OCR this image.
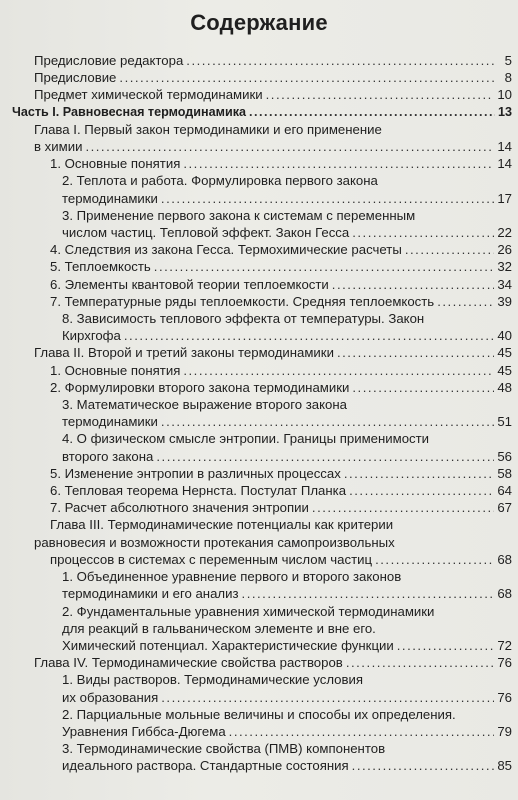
Содержание
Предисловие редактора .....	5
Предисловие .....	8
Предмет химической термодинамики .....	10
Часть I. Равновесная термодинамика .....	13
Глава I. Первый закон термодинамики и его применение
в химии .....	14
1. Основные понятия .....	14
2. Теплота и работа. Формулировка первого закона
термодинамики .....	17
3. Применение первого закона к системам с переменным
числом частиц. Тепловой эффект. Закон Гесса .....	22
4. Следствия из закона Гесса. Термохимические расчеты .....	26
5. Теплоемкость .....	32
6. Элементы квантовой теории теплоемкости .....	34
7. Температурные ряды теплоемкости. Средняя теплоемкость .....	39
8. Зависимость теплового эффекта от температуры. Закон
Кирхгофа .....	40
Глава II. Второй и третий законы термодинамики .....	45
1. Основные понятия .....	45
2. Формулировки второго закона термодинамики .....	48
3. Математическое выражение второго закона
термодинамики .....	51
4. О физическом смысле энтропии. Границы применимости
второго закона .....	56
5. Изменение энтропии в различных процессах .....	58
6. Тепловая теорема Нернста. Постулат Планка .....	64
7. Расчет абсолютного значения энтропии .....	67
Глава III. Термодинамические потенциалы как критерии
равновесия и возможности протекания самопроизвольных
процессов в системах с переменным числом частиц .....	68
1. Объединенное уравнение первого и второго законов
термодинамики и его анализ .....	68
2. Фундаментальные уравнения химической термодинамики
для реакций в гальваническом элементе и вне его.
Химический потенциал. Характеристические функции .....	72
Глава IV. Термодинамические свойства растворов .....	76
1. Виды растворов. Термодинамические условия
их образования .....	76
2. Парциальные мольные величины и способы их определения.
Уравнения Гиббса-Дюгема .....	79
3. Термодинамические свойства (ПМВ) компонентов
идеального раствора. Стандартные состояния .....	85
